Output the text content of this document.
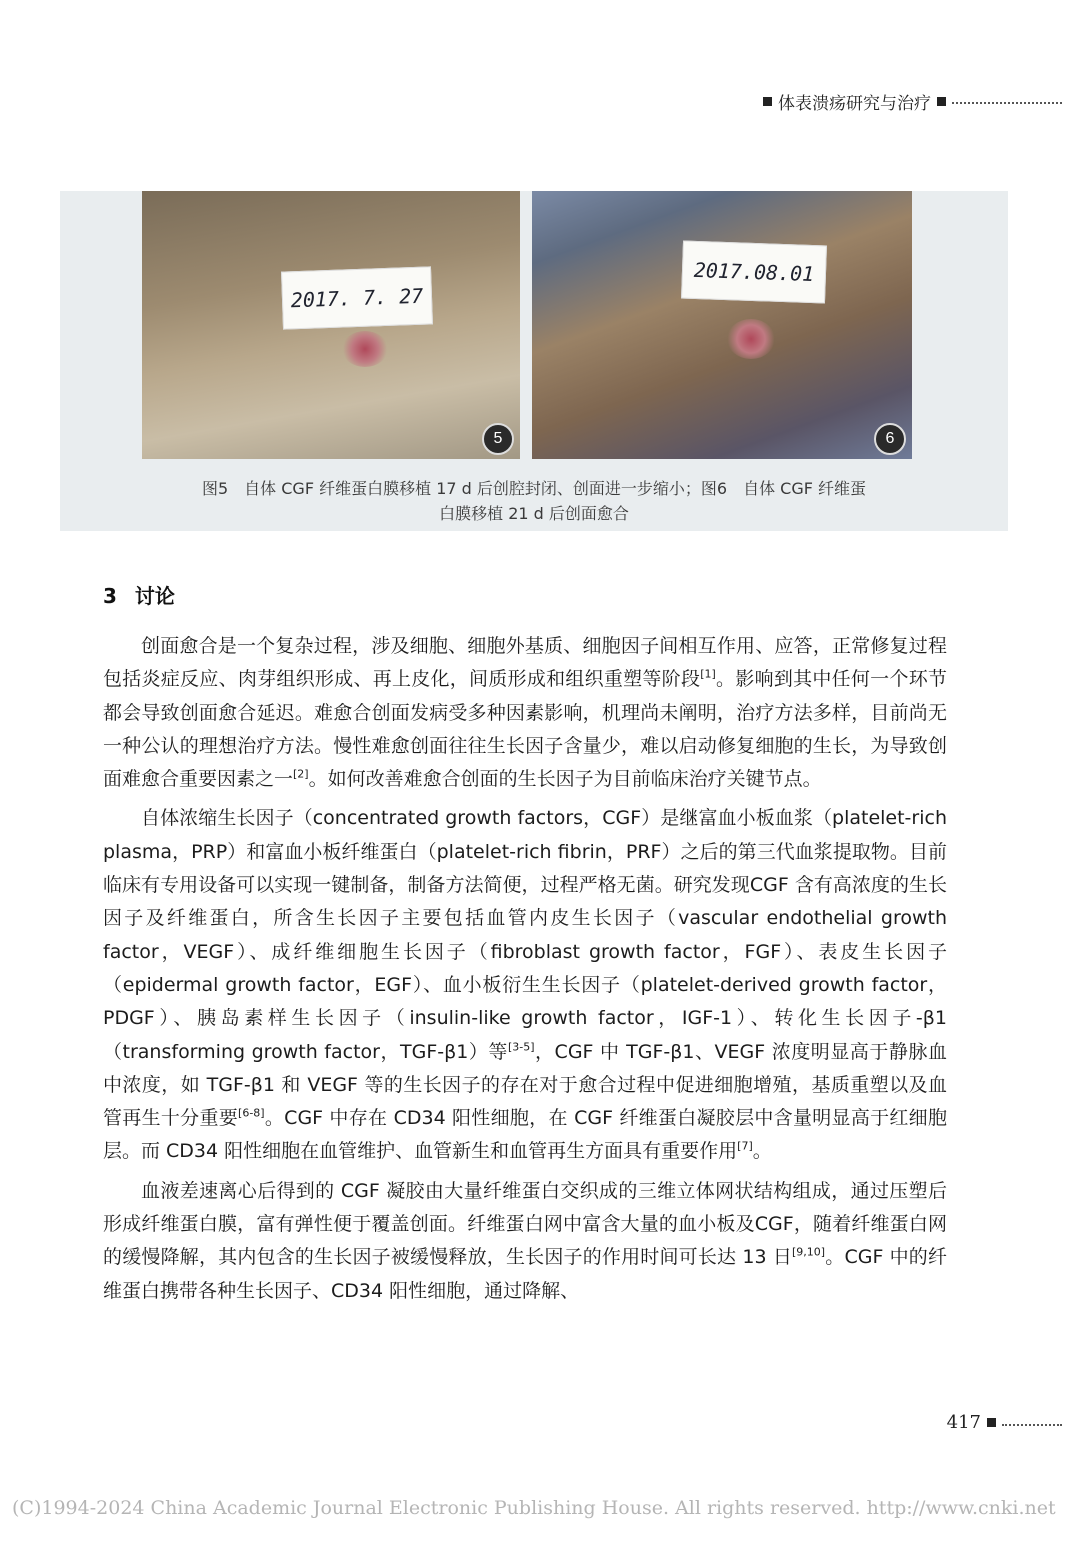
体表溃疡研究与治疗
2017. 7. 27
5
2017.08.01
6
图5　自体 CGF 纤维蛋白膜移植 17 d 后创腔封闭、创面进一步缩小；图6　自体 CGF 纤维蛋
白膜移植 21 d 后创面愈合
3 讨论

创面愈合是一个复杂过程，涉及细胞、细胞外基质、细胞因子间相互作用、应答，正常修复过程包括炎症反应、肉芽组织形成、再上皮化，间质形成和组织重塑等阶段[1]。影响到其中任何一个环节都会导致创面愈合延迟。难愈合创面发病受多种因素影响，机理尚未阐明，治疗方法多样，目前尚无一种公认的理想治疗方法。慢性难愈创面往往生长因子含量少，难以启动修复细胞的生长，为导致创面难愈合重要因素之一[2]。如何改善难愈合创面的生长因子为目前临床治疗关键节点。

自体浓缩生长因子（concentrated growth factors，CGF）是继富血小板血浆（platelet-rich plasma，PRP）和富血小板纤维蛋白（platelet-rich fibrin，PRF）之后的第三代血浆提取物。目前临床有专用设备可以实现一键制备，制备方法简便，过程严格无菌。研究发现CGF 含有高浓度的生长因子及纤维蛋白，所含生长因子主要包括血管内皮生长因子（vascular endothelial growth factor，VEGF）、成纤维细胞生长因子（fibroblast growth factor，FGF）、表皮生长因子（epidermal growth factor，EGF）、血小板衍生生长因子（platelet-derived growth factor，PDGF）、胰岛素样生长因子（insulin-like growth factor，IGF-1）、转化生长因子-β1（transforming growth factor，TGF-β1）等[3-5]，CGF 中 TGF-β1、VEGF 浓度明显高于静脉血中浓度，如 TGF-β1 和 VEGF 等的生长因子的存在对于愈合过程中促进细胞增殖，基质重塑以及血管再生十分重要[6-8]。CGF 中存在 CD34 阳性细胞，在 CGF 纤维蛋白凝胶层中含量明显高于红细胞层。而 CD34 阳性细胞在血管维护、血管新生和血管再生方面具有重要作用[7]。

血液差速离心后得到的 CGF 凝胶由大量纤维蛋白交织成的三维立体网状结构组成，通过压塑后形成纤维蛋白膜，富有弹性便于覆盖创面。纤维蛋白网中富含大量的血小板及CGF，随着纤维蛋白网的缓慢降解，其内包含的生长因子被缓慢释放，生长因子的作用时间可长达 13 日[9,10]。CGF 中的纤维蛋白携带各种生长因子、CD34 阳性细胞，通过降解、

417
(C)1994-2024 China Academic Journal Electronic Publishing House. All rights reserved. http://www.cnki.net
